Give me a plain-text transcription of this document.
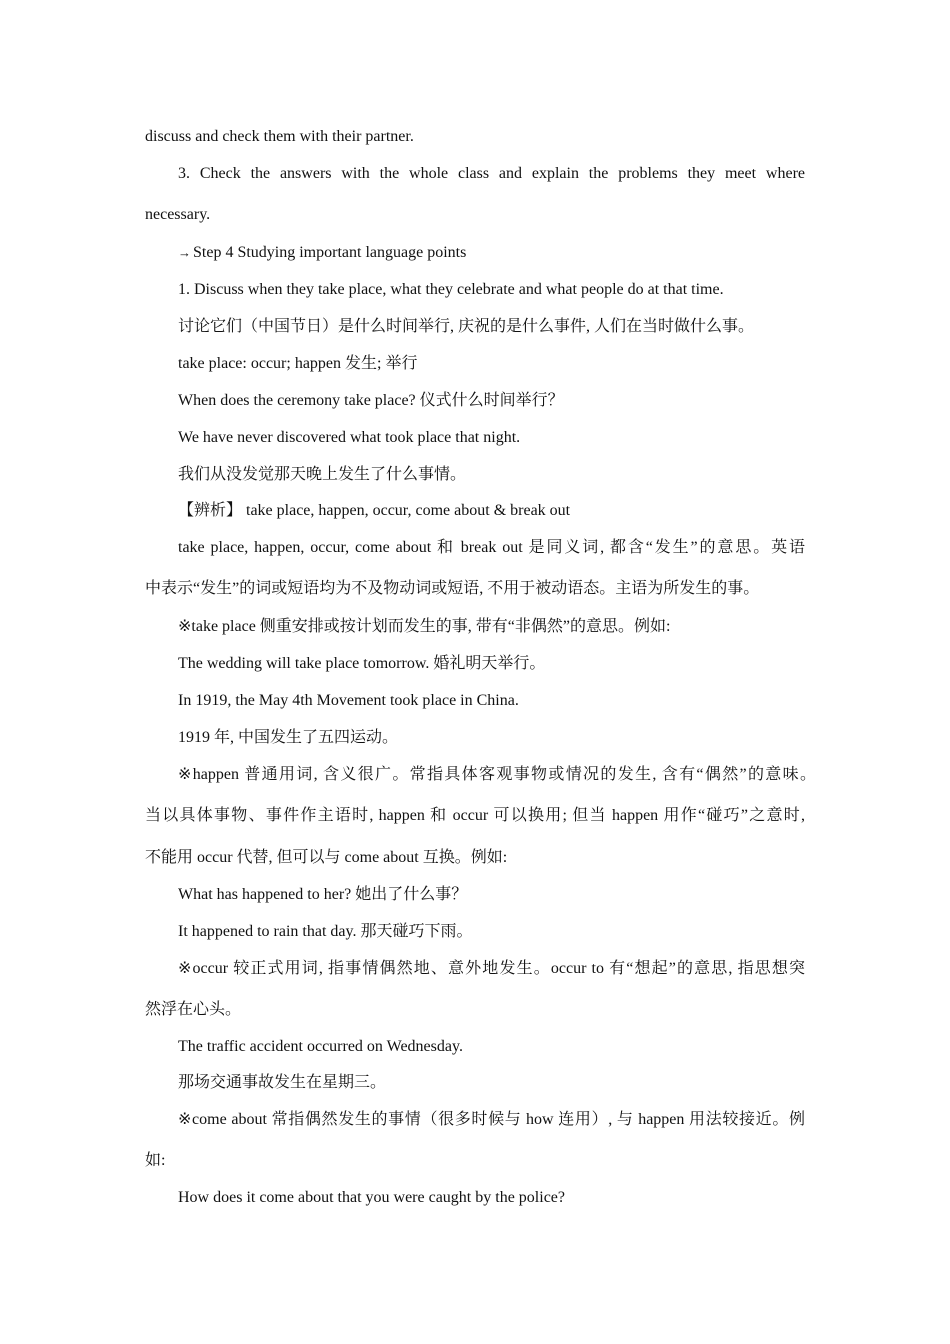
discuss and check them with their partner.
3. Check the answers with the whole class and explain the problems they meet where
necessary.
→ Step 4 Studying important language points
1. Discuss when they take place, what they celebrate and what people do at that time.
讨论它们（中国节日）是什么时间举行, 庆祝的是什么事件, 人们在当时做什么事。
take place: occur; happen 发生; 举行
When does the ceremony take place? 仪式什么时间举行？
We have never discovered what took place that night.
我们从没发觉那天晚上发生了什么事情。
【辨析】 take place, happen, occur, come about & break out
take place, happen, occur, come about 和 break out 是同义词, 都含“发生”的意思。英语
中表示“发生”的词或短语均为不及物动词或短语, 不用于被动语态。主语为所发生的事。
※take place 侧重安排或按计划而发生的事, 带有“非偶然”的意思。例如:
The wedding will take place tomorrow. 婚礼明天举行。
In 1919, the May 4th Movement took place in China.
1919 年, 中国发生了五四运动。
※happen 普通用词, 含义很广。常指具体客观事物或情况的发生, 含有“偶然”的意味。
当以具体事物、事件作主语时, happen 和 occur 可以换用; 但当 happen 用作“碰巧”之意时,
不能用 occur 代替, 但可以与 come about 互换。例如:
What has happened to her? 她出了什么事？
It happened to rain that day. 那天碰巧下雨。
※occur 较正式用词, 指事情偶然地、意外地发生。occur to 有“想起”的意思, 指思想突
然浮在心头。
The traffic accident occurred on Wednesday.
那场交通事故发生在星期三。
※come about 常指偶然发生的事情（很多时候与 how 连用）, 与 happen 用法较接近。例
如:
How does it come about that you were caught by the police?
